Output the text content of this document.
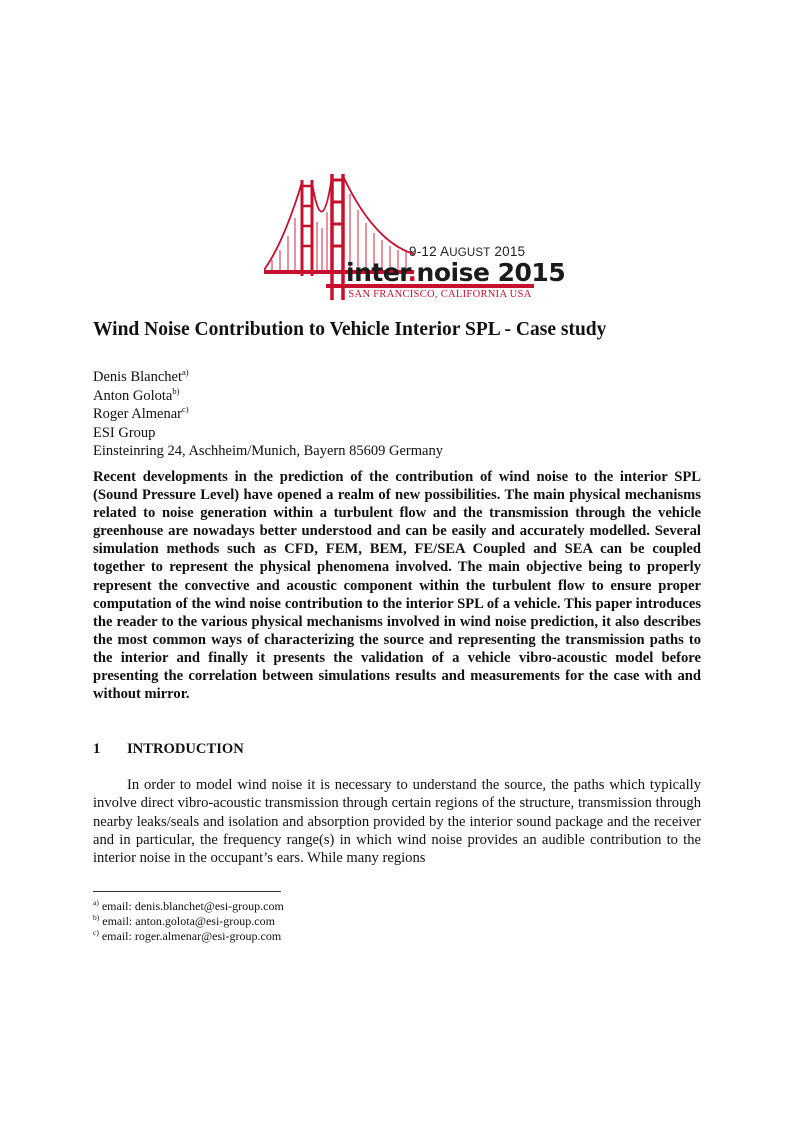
9-12 AUGUST 2015
inter.noise 2015
SAN FRANCISCO, CALIFORNIA USA
Wind Noise Contribution to Vehicle Interior SPL - Case study
Denis Blanchet$^{a)}$
Anton Golota$^{b)}$
Roger Almenar$^{c)}$
ESI Group
Einsteinring 24, Aschheim/Munich, Bayern 85609 Germany

Recent developments in the prediction of the contribution of wind noise to the interior SPL (Sound Pressure Level) have opened a realm of new possibilities. The main physical mechanisms related to noise generation within a turbulent flow and the transmission through the vehicle greenhouse are nowadays better understood and can be easily and accurately modelled. Several simulation methods such as CFD, FEM, BEM, FE/SEA Coupled and SEA can be coupled together to represent the physical phenomena involved. The main objective being to properly represent the convective and acoustic component within the turbulent flow to ensure proper computation of the wind noise contribution to the interior SPL of a vehicle. This paper introduces the reader to the various physical mechanisms involved in wind noise prediction, it also describes the most common ways of characterizing the source and representing the transmission paths to the interior and finally it presents the validation of a vehicle vibro-acoustic model before presenting the correlation between simulations results and measurements for the case with and without mirror.

1 INTRODUCTION

In order to model wind noise it is necessary to understand the source, the paths which typically involve direct vibro-acoustic transmission through certain regions of the structure, transmission through nearby leaks/seals and isolation and absorption provided by the interior sound package and the receiver and in particular, the frequency range(s) in which wind noise provides an audible contribution to the interior noise in the occupant’s ears. While many regions

$^{a)}$ email: denis.blanchet@esi-group.com
$^{b)}$ email: anton.golota@esi-group.com
$^{c)}$ email: roger.almenar@esi-group.com
